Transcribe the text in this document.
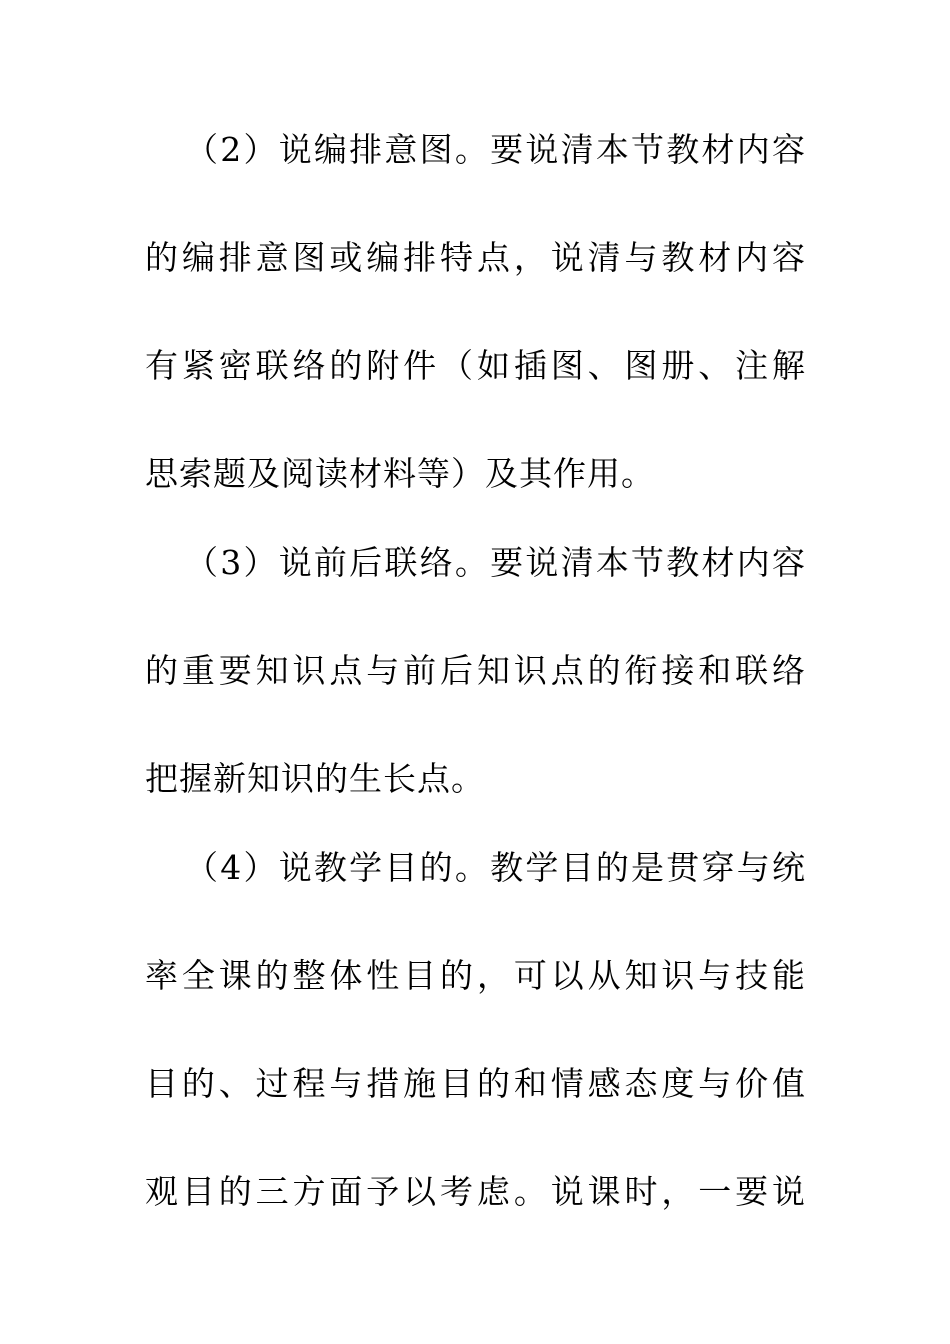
（2）说编排意图。要说清本节教材内容
的编排意图或编排特点，说清与教材内容
有紧密联络的附件（如插图、图册、注解
思索题及阅读材料等）及其作用。
（3）说前后联络。要说清本节教材内容
的重要知识点与前后知识点的衔接和联络
把握新知识的生长点。
（4）说教学目的。教学目的是贯穿与统
率全课的整体性目的，可以从知识与技能
目的、过程与措施目的和情感态度与价值
观目的三方面予以考虑。说课时，一要说
